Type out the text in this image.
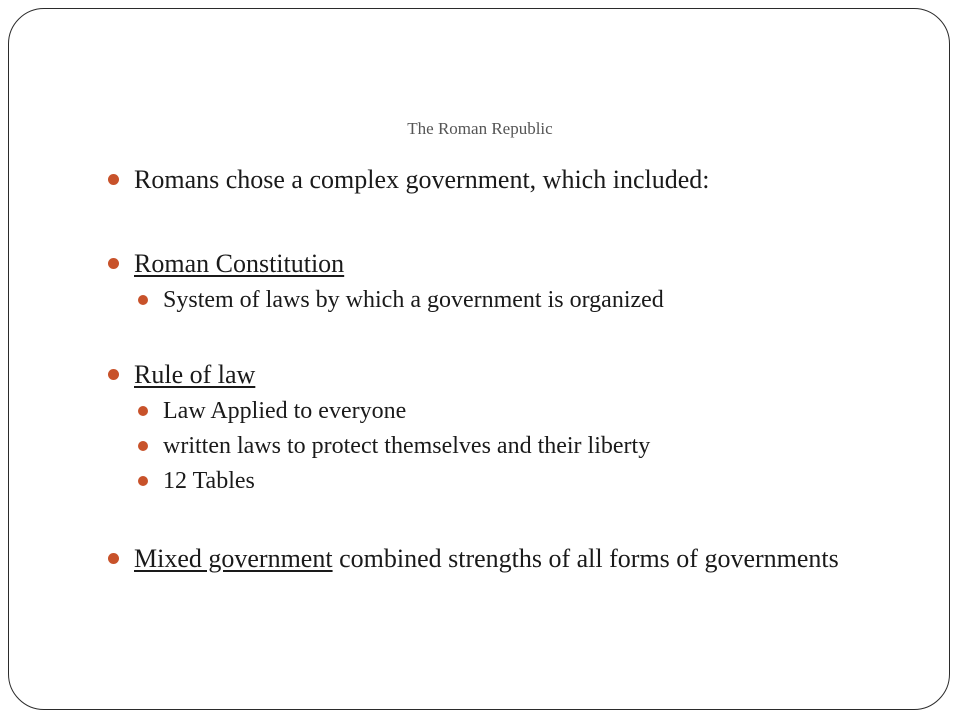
The Roman Republic
Romans chose a complex government, which included:
Roman Constitution
System of laws by which a government is organized
Rule of law
Law Applied to everyone
written laws to protect themselves and their liberty
12 Tables
Mixed government combined strengths of all forms of governments
